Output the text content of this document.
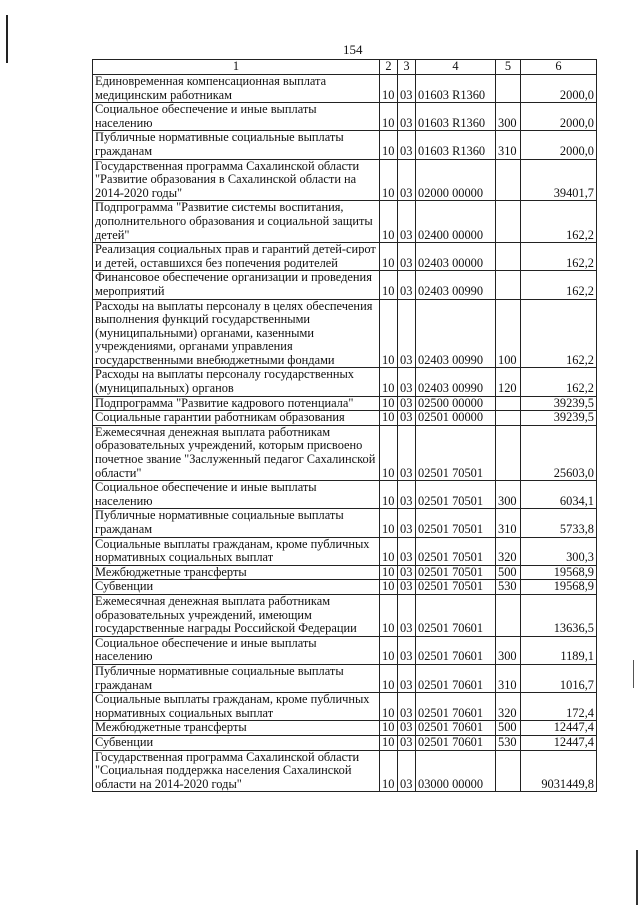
154
1	2	3	4	5	6
Единовременная компенсационная выплата медицинским работникам	10	03	01603 R1360		2000,0
Социальное обеспечение и иные выплаты населению	10	03	01603 R1360	300	2000,0
Публичные нормативные социальные выплаты гражданам	10	03	01603 R1360	310	2000,0
Государственная программа Сахалинской области "Развитие образования в Сахалинской области на 2014-2020 годы"	10	03	02000 00000		39401,7
Подпрограмма "Развитие системы воспитания, дополнительного образования и социальной защиты детей"	10	03	02400 00000		162,2
Реализация социальных прав и гарантий детей-сирот и детей, оставшихся без попечения родителей	10	03	02403 00000		162,2
Финансовое обеспечение организации и проведения мероприятий	10	03	02403 00990		162,2
Расходы на выплаты персоналу в целях обеспечения выполнения функций государственными (муниципальными) органами, казенными учреждениями, органами управления государственными внебюджетными фондами	10	03	02403 00990	100	162,2
Расходы на выплаты персоналу государственных (муниципальных) органов	10	03	02403 00990	120	162,2
Подпрограмма "Развитие кадрового потенциала"	10	03	02500 00000		39239,5
Социальные гарантии работникам образования	10	03	02501 00000		39239,5
Ежемесячная денежная выплата работникам образовательных учреждений, которым присвоено почетное звание "Заслуженный педагог Сахалинской области"	10	03	02501 70501		25603,0
Социальное обеспечение и иные выплаты населению	10	03	02501 70501	300	6034,1
Публичные нормативные социальные выплаты гражданам	10	03	02501 70501	310	5733,8
Социальные выплаты гражданам, кроме публичных нормативных социальных выплат	10	03	02501 70501	320	300,3
Межбюджетные трансферты	10	03	02501 70501	500	19568,9
Субвенции	10	03	02501 70501	530	19568,9
Ежемесячная денежная выплата работникам образовательных учреждений, имеющим государственные награды Российской Федерации	10	03	02501 70601		13636,5
Социальное обеспечение и иные выплаты населению	10	03	02501 70601	300	1189,1
Публичные нормативные социальные выплаты гражданам	10	03	02501 70601	310	1016,7
Социальные выплаты гражданам, кроме публичных нормативных социальных выплат	10	03	02501 70601	320	172,4
Межбюджетные трансферты	10	03	02501 70601	500	12447,4
Субвенции	10	03	02501 70601	530	12447,4
Государственная программа Сахалинской области "Социальная поддержка населения Сахалинской области на 2014-2020 годы"	10	03	03000 00000		9031449,8
